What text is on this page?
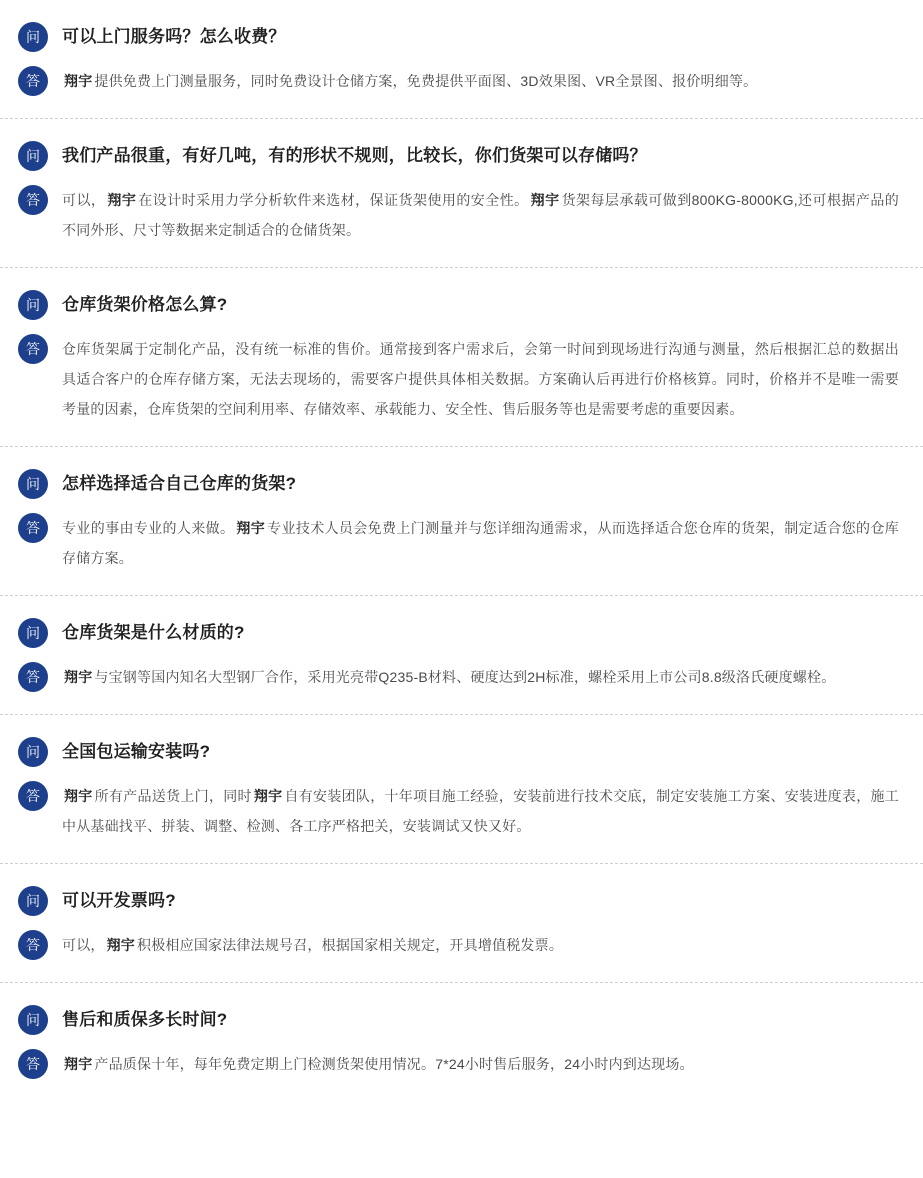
问	可以上门服务吗？怎么收费？
答	翔宇 提供免费上门测量服务，同时免费设计仓储方案，免费提供平面图、3D效果图、VR全景图、报价明细等。
问	我们产品很重，有好几吨，有的形状不规则，比较长，你们货架可以存储吗？
答	可以， 翔宇 在设计时采用力学分析软件来选材，保证货架使用的安全性。 翔宇 货架每层承载可做到800KG-8000KG,还可根据产品的不同外形、尺寸等数据来定制适合的仓储货架。
问	仓库货架价格怎么算?
答	仓库货架属于定制化产品，没有统一标准的售价。通常接到客户需求后，会第一时间到现场进行沟通与测量，然后根据汇总的数据出具适合客户的仓库存储方案，无法去现场的，需要客户提供具体相关数据。方案确认后再进行价格核算。同时，价格并不是唯一需要考量的因素，仓库货架的空间利用率、存储效率、承载能力、安全性、售后服务等也是需要考虑的重要因素。
问	怎样选择适合自己仓库的货架?
答	专业的事由专业的人来做。 翔宇 专业技术人员会免费上门测量并与您详细沟通需求，从而选择适合您仓库的货架，制定适合您的仓库存储方案。
问	仓库货架是什么材质的?
答	翔宇 与宝钢等国内知名大型钢厂合作，采用光亮带Q235-B材料、硬度达到2H标准，螺栓采用上市公司8.8级洛氏硬度螺栓。
问	全国包运输安装吗?
答	翔宇 所有产品送货上门，同时 翔宇 自有安装团队，十年项目施工经验，安装前进行技术交底，制定安装施工方案、安装进度表，施工中从基础找平、拼装、调整、检测、各工序严格把关，安装调试又快又好。
问	可以开发票吗?
答	可以， 翔宇 积极相应国家法律法规号召，根据国家相关规定，开具增值税发票。
问	售后和质保多长时间?
答	翔宇 产品质保十年，每年免费定期上门检测货架使用情况。7*24小时售后服务，24小时内到达现场。
